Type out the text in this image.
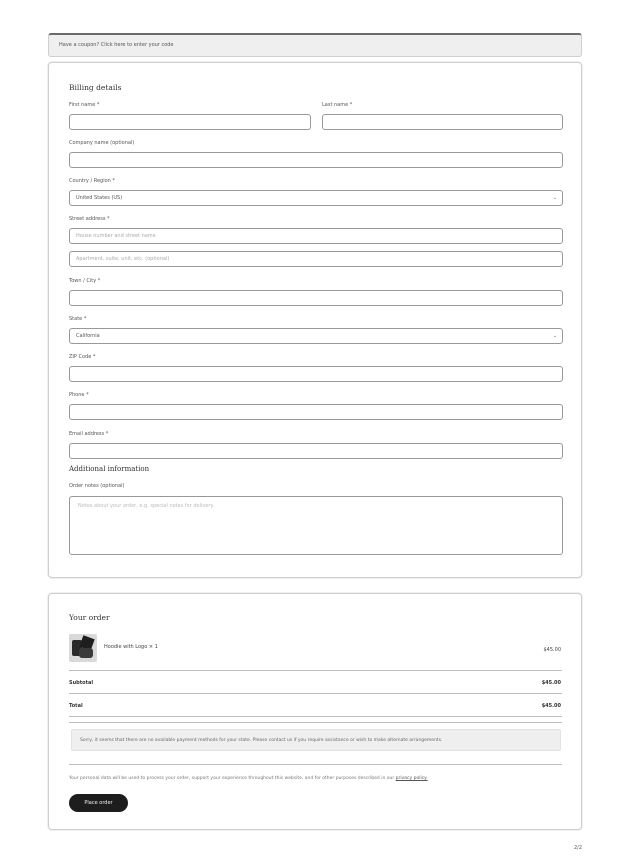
Have a coupon? Click here to enter your code
Billing details
First name *	Last name *
Company name (optional)
Country / Region *
United States (US)	⌄
Street address *
House number and street name
Apartment, suite, unit, etc. (optional)
Town / City *
State *
California	⌄
ZIP Code *
Phone *
Email address *
Additional information
Order notes (optional)
Notes about your order, e.g. special notes for delivery.
Your order
Hoodie with Logo × 1	$45.00
Subtotal	$45.00
Total	$45.00
Sorry, it seems that there are no available payment methods for your state. Please contact us if you require assistance or wish to make alternate arrangements.
Your personal data will be used to process your order, support your experience throughout this website, and for other purposes described in our privacy policy.
Place order
2/2
